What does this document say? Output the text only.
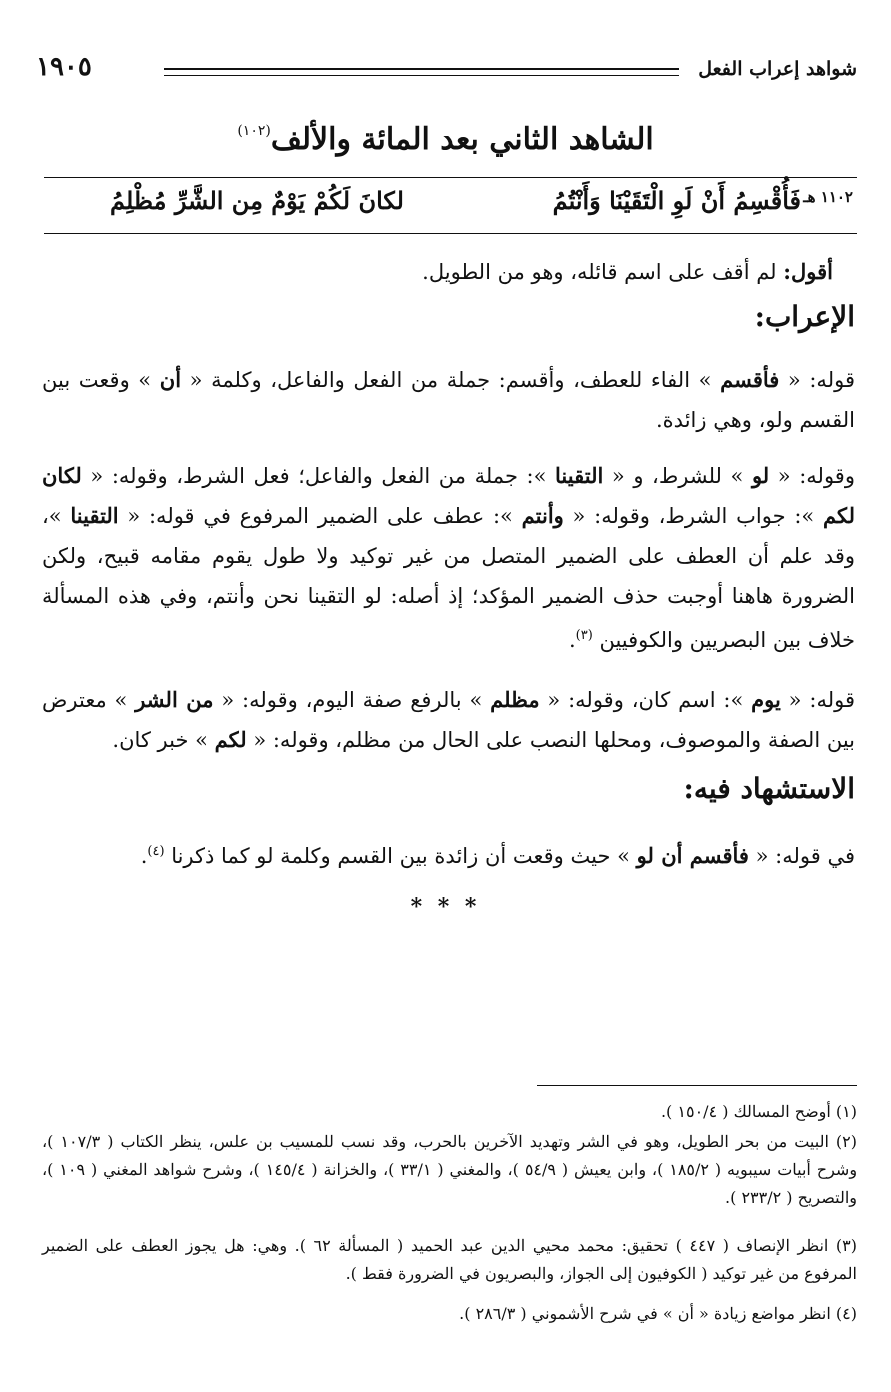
شواهد إعراب الفعل
١٩٠٥
الشاهد الثاني بعد المائة والألف$^{(١٠٢)}$
١١٠٢ هـ
فَأُقْسِمُ أَنْ لَوِ الْتَقَيْنَا وَأَنْتُمُ
لكانَ لَكُمْ يَوْمٌ مِن الشَّرِّ مُظْلِمُ
أقول: لم أقف على اسم قائله، وهو من الطويل.
الإعراب:
قوله: « فأقسم » الفاء للعطف، وأقسم: جملة من الفعل والفاعل، وكلمة « أن » وقعت بين القسم ولو، وهي زائدة.
وقوله: « لو » للشرط، و « التقينا »: جملة من الفعل والفاعل؛ فعل الشرط، وقوله: « لكان لكم »: جواب الشرط، وقوله: « وأنتم »: عطف على الضمير المرفوع في قوله: « التقينا »، وقد علم أن العطف على الضمير المتصل من غير توكيد ولا طول يقوم مقامه قبيح، ولكن الضرورة هاهنا أوجبت حذف الضمير المؤكد؛ إذ أصله: لو التقينا نحن وأنتم، وفي هذه المسألة خلاف بين البصريين والكوفيين $^{(٣)}$.
قوله: « يوم »: اسم كان، وقوله: « مظلم » بالرفع صفة اليوم، وقوله: « من الشر » معترض بين الصفة والموصوف، ومحلها النصب على الحال من مظلم، وقوله: « لكم » خبر كان.
الاستشهاد فيه:
في قوله: « فأقسم أن لو » حيث وقعت أن زائدة بين القسم وكلمة لو كما ذكرنا $^{(٤)}$.
* * *
(١) أوضح المسالك ( ١٥٠/٤ ).
(٢) البيت من بحر الطويل، وهو في الشر وتهديد الآخرين بالحرب، وقد نسب للمسيب بن علس، ينظر الكتاب ( ١٠٧/٣ )، وشرح أبيات سيبويه ( ١٨٥/٢ )، وابن يعيش ( ٥٤/٩ )، والمغني ( ٣٣/١ )، والخزانة ( ١٤٥/٤ )، وشرح شواهد المغني ( ١٠٩ )، والتصريح ( ٢٣٣/٢ ).
(٣) انظر الإنصاف ( ٤٤٧ ) تحقيق: محمد محيي الدين عبد الحميد ( المسألة ٦٢ ). وهي: هل يجوز العطف على الضمير المرفوع من غير توكيد ( الكوفيون إلى الجواز، والبصريون في الضرورة فقط ).
(٤) انظر مواضع زيادة « أن » في شرح الأشموني ( ٢٨٦/٣ ).
